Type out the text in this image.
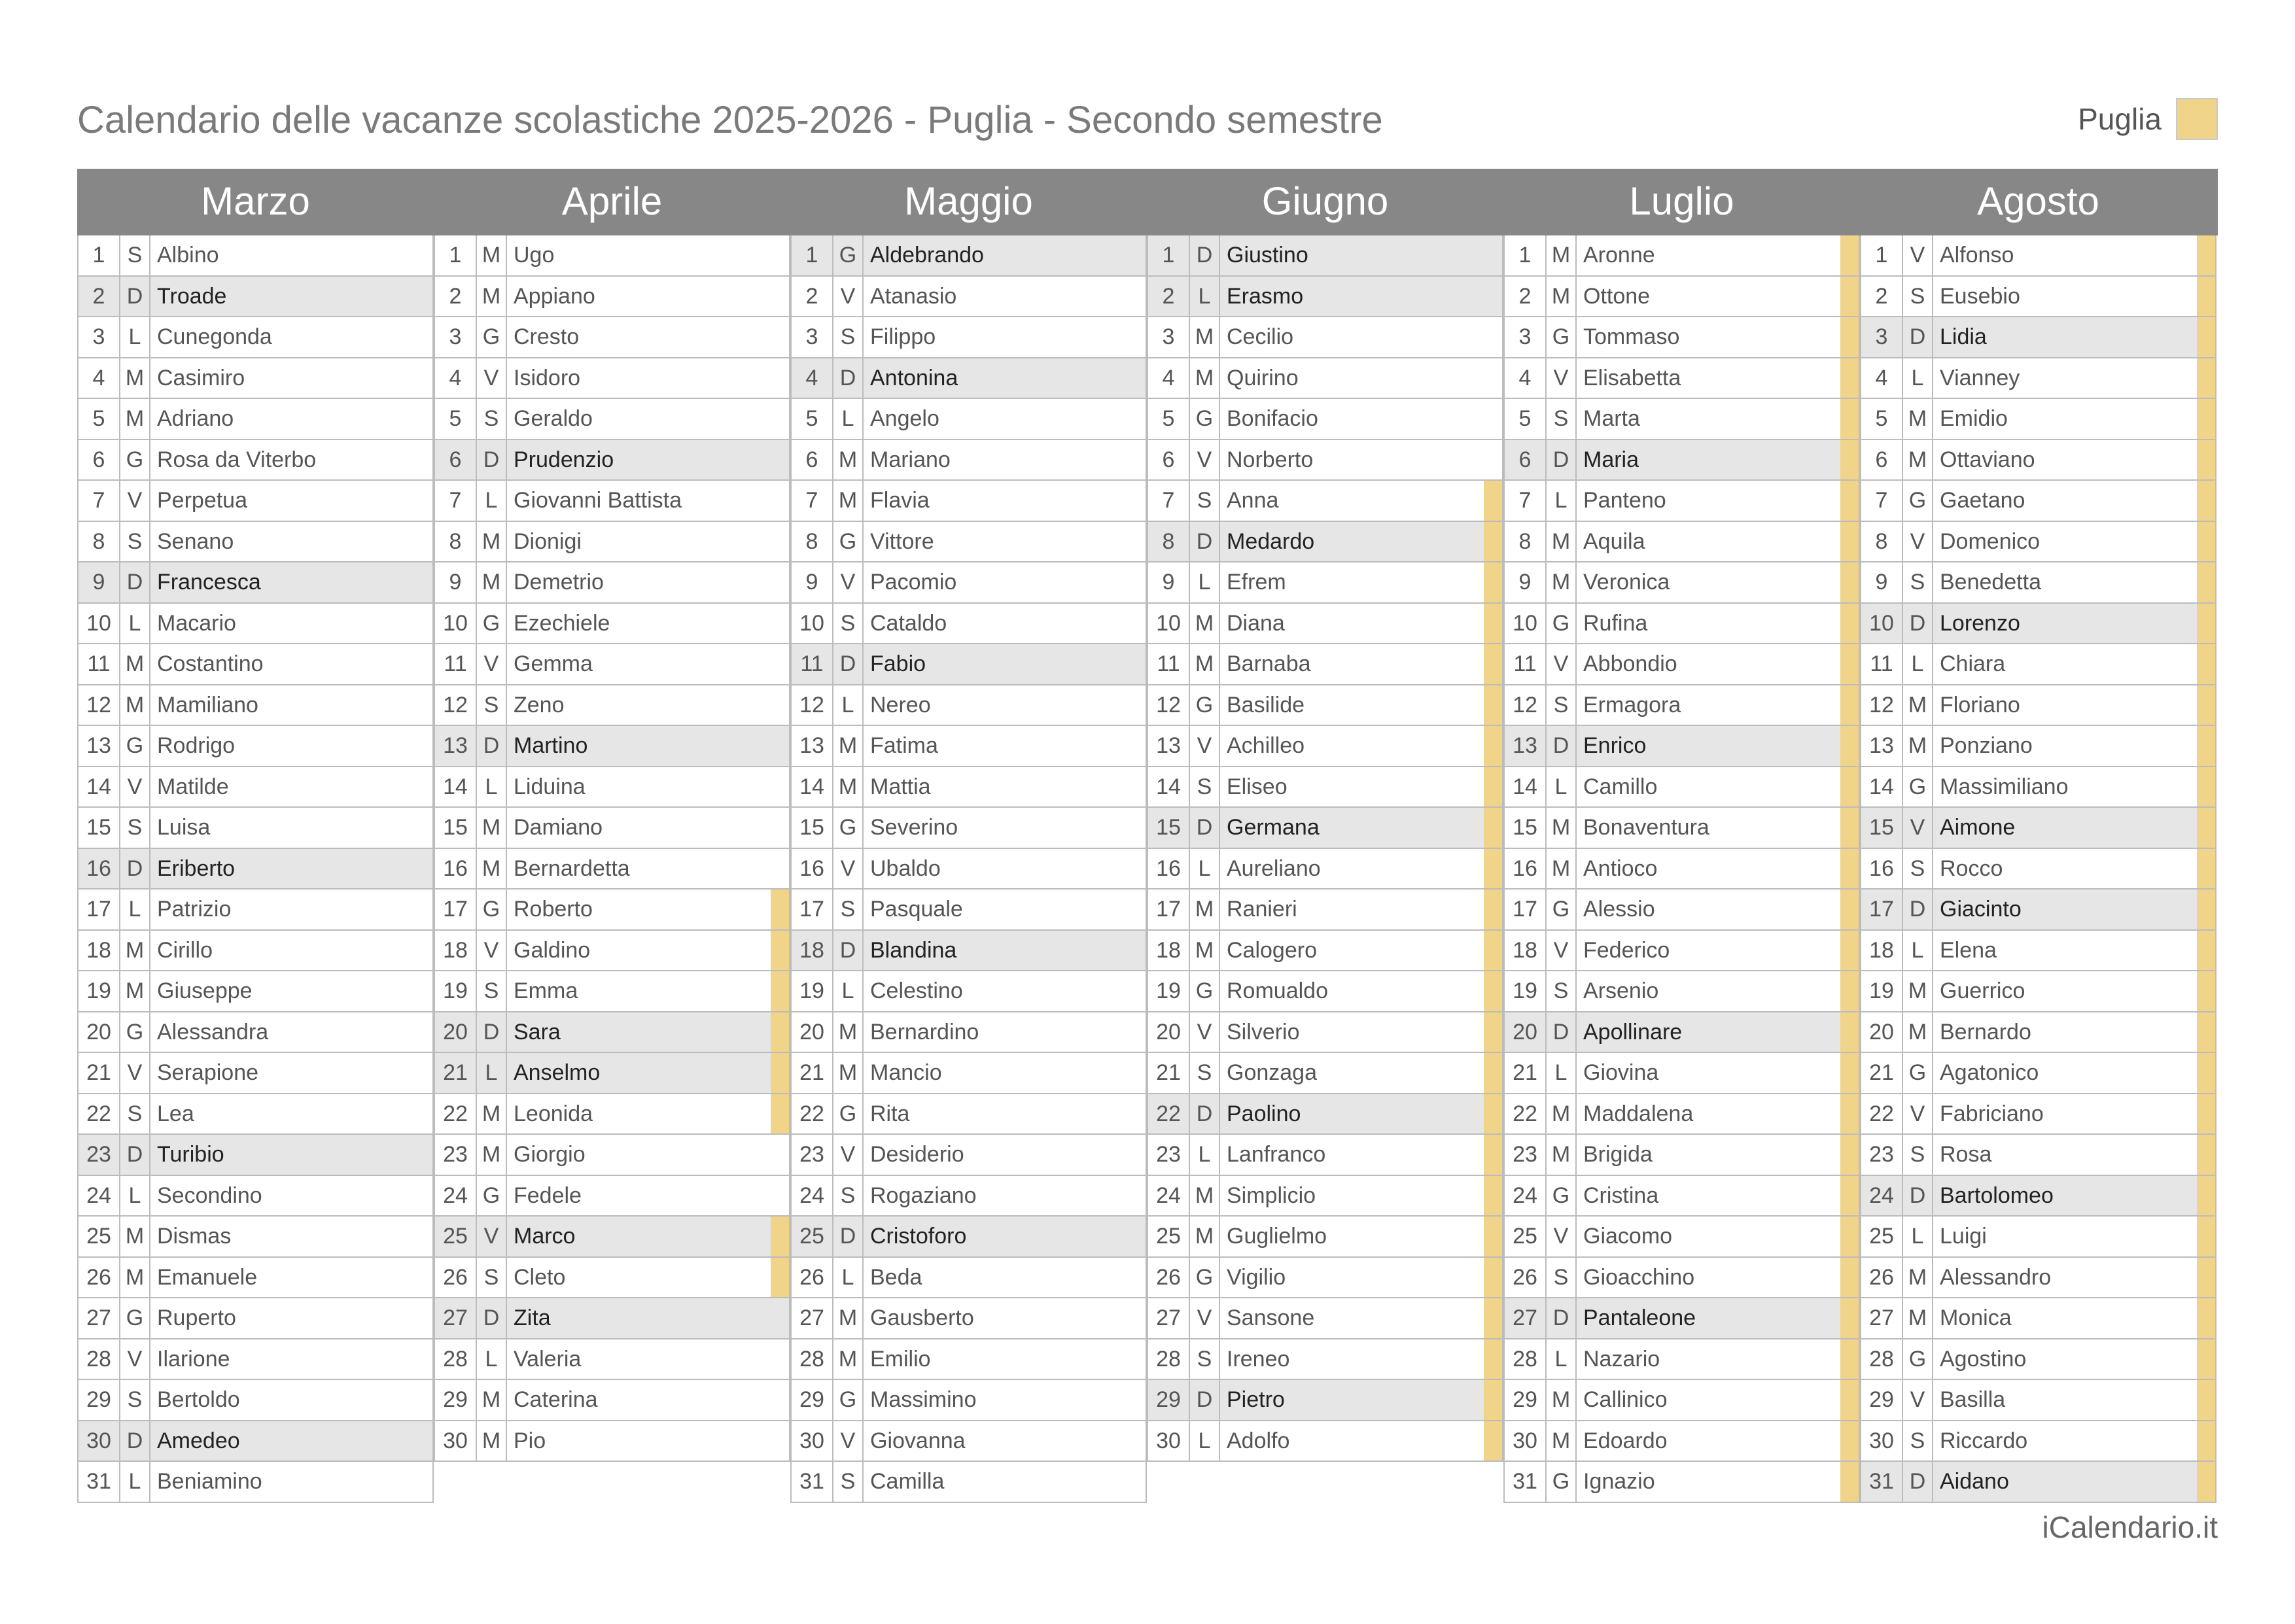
Calendario delle vacanze scolastiche 2025-2026 - Puglia - Secondo semestre	Puglia
Marzo	Aprile	Maggio	Giugno	Luglio	Agosto
1	S Albino
2 D Troade
3	L Cunegonda
4 M Casimiro
5 M Adriano
6 G Rosa da Viterbo
7	V Perpetua
8	S Senano
9 D Francesca
10 L Macario
11 M Costantino
12 M Mamiliano
13 G Rodrigo
14 V Matilde
15 S Luisa
16 D Eriberto
17 L Patrizio
18 M Cirillo
19 M Giuseppe
20 G Alessandra
21 V Serapione
22 S Lea
23 D Turibio
24 L Secondino
25 M Dismas
26 M Emanuele
27 G Ruperto
28 V Ilarione
29 S Bertoldo
30 D Amedeo
31 L Beniamino
1 M Ugo
2 M Appiano
3 G Cresto
4	V Isidoro
5	S Geraldo
6 D Prudenzio
7	L Giovanni Battista
8 M Dionigi
9 M Demetrio
10 G Ezechiele
11 V Gemma
12 S Zeno
13 D Martino
14 L Liduina
15 M Damiano
16 M Bernardetta
17 G Roberto
18 V Galdino
19 S Emma
20 D Sara
21 L Anselmo
22 M Leonida
23 M Giorgio
24 G Fedele
25 V Marco
26 S Cleto
27 D Zita
28 L Valeria
29 M Caterina
30 M Pio
1 G Aldebrando
2	V Atanasio
3	S Filippo
4 D Antonina
5	L Angelo
6 M Mariano
7 M Flavia
8 G Vittore
9	V Pacomio
10 S Cataldo
11 D Fabio
12 L Nereo
13 M Fatima
14 M Mattia
15 G Severino
16 V Ubaldo
17 S Pasquale
18 D Blandina
19 L Celestino
20 M Bernardino
21 M Mancio
22 G Rita
23 V Desiderio
24 S Rogaziano
25 D Cristoforo
26 L Beda
27 M Gausberto
28 M Emilio
29 G Massimino
30 V Giovanna
31 S Camilla
1 D Giustino
2	L Erasmo
3 M Cecilio
4 M Quirino
5 G Bonifacio
6	V Norberto
7	S Anna
8 D Medardo
9	L Efrem
10 M Diana
11 M Barnaba
12 G Basilide
13 V Achilleo
14 S Eliseo
15 D Germana
16 L Aureliano
17 M Ranieri
18 M Calogero
19 G Romualdo
20 V Silverio
21 S Gonzaga
22 D Paolino
23 L Lanfranco
24 M Simplicio
25 M Guglielmo
26 G Vigilio
27 V Sansone
28 S Ireneo
29 D Pietro
30 L Adolfo
1 M Aronne
2 M Ottone
3 G Tommaso
4	V Elisabetta
5	S Marta
6 D Maria
7	L Panteno
8 M Aquila
9 M Veronica
10 G Rufina
11 V Abbondio
12 S Ermagora
13 D Enrico
14 L Camillo
15 M Bonaventura
16 M Antioco
17 G Alessio
18 V Federico
19 S Arsenio
20 D Apollinare
21 L Giovina
22 M Maddalena
23 M Brigida
24 G Cristina
25 V Giacomo
26 S Gioacchino
27 D Pantaleone
28 L Nazario
29 M Callinico
30 M Edoardo
31 G Ignazio
1	V Alfonso
2	S Eusebio
3 D Lidia
4	L Vianney
5 M Emidio
6 M Ottaviano
7 G Gaetano
8	V Domenico
9	S Benedetta
10 D Lorenzo
11 L Chiara
12 M Floriano
13 M Ponziano
14 G Massimiliano
15 V Aimone
16 S Rocco
17 D Giacinto
18 L Elena
19 M Guerrico
20 M Bernardo
21 G Agatonico
22 V Fabriciano
23 S Rosa
24 D Bartolomeo
25 L Luigi
26 M Alessandro
27 M Monica
28 G Agostino
29 V Basilla
30 S Riccardo
31 D Aidano
iCalendario.it
